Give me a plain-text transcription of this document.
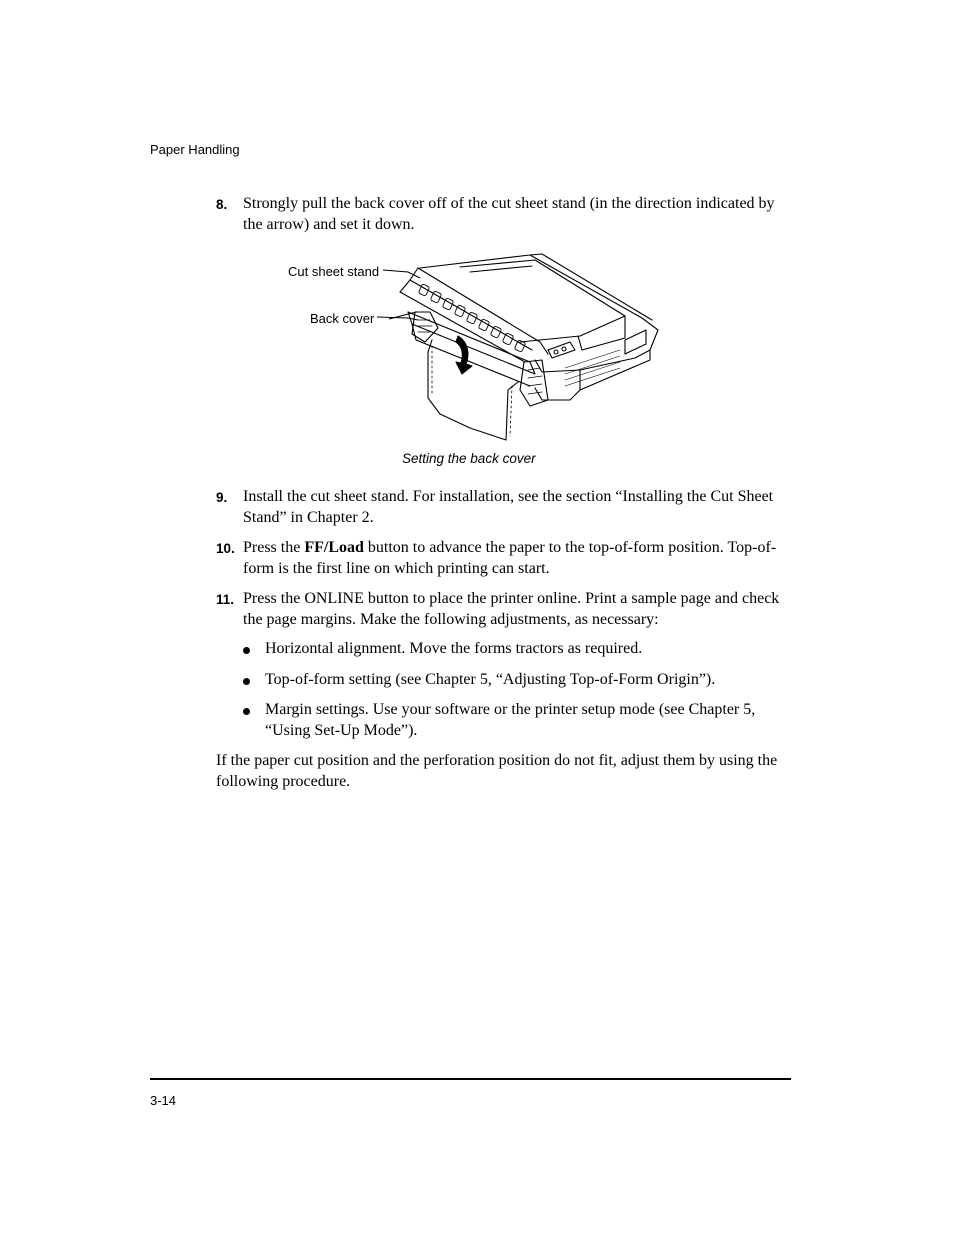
Paper Handling
8. Strongly pull the back cover off of the cut sheet stand (in the direction indicated by the arrow) and set it down.
Cut sheet stand
Back cover
Setting the back cover
9. Install the cut sheet stand. For installation, see the section “Installing the Cut Sheet Stand” in Chapter 2.
10. Press the FF/Load button to advance the paper to the top-of-form position. Top-of-form is the first line on which printing can start.
11. Press the ONLINE button to place the printer online. Print a sample page and check the page margins. Make the following adjustments, as necessary:
Horizontal alignment. Move the forms tractors as required.
Top-of-form setting (see Chapter 5, “Adjusting Top-of-Form Origin”).
Margin settings. Use your software or the printer setup mode (see Chapter 5, “Using Set-Up Mode”).
If the paper cut position and the perforation position do not fit, adjust them by using the following procedure.
3-14
